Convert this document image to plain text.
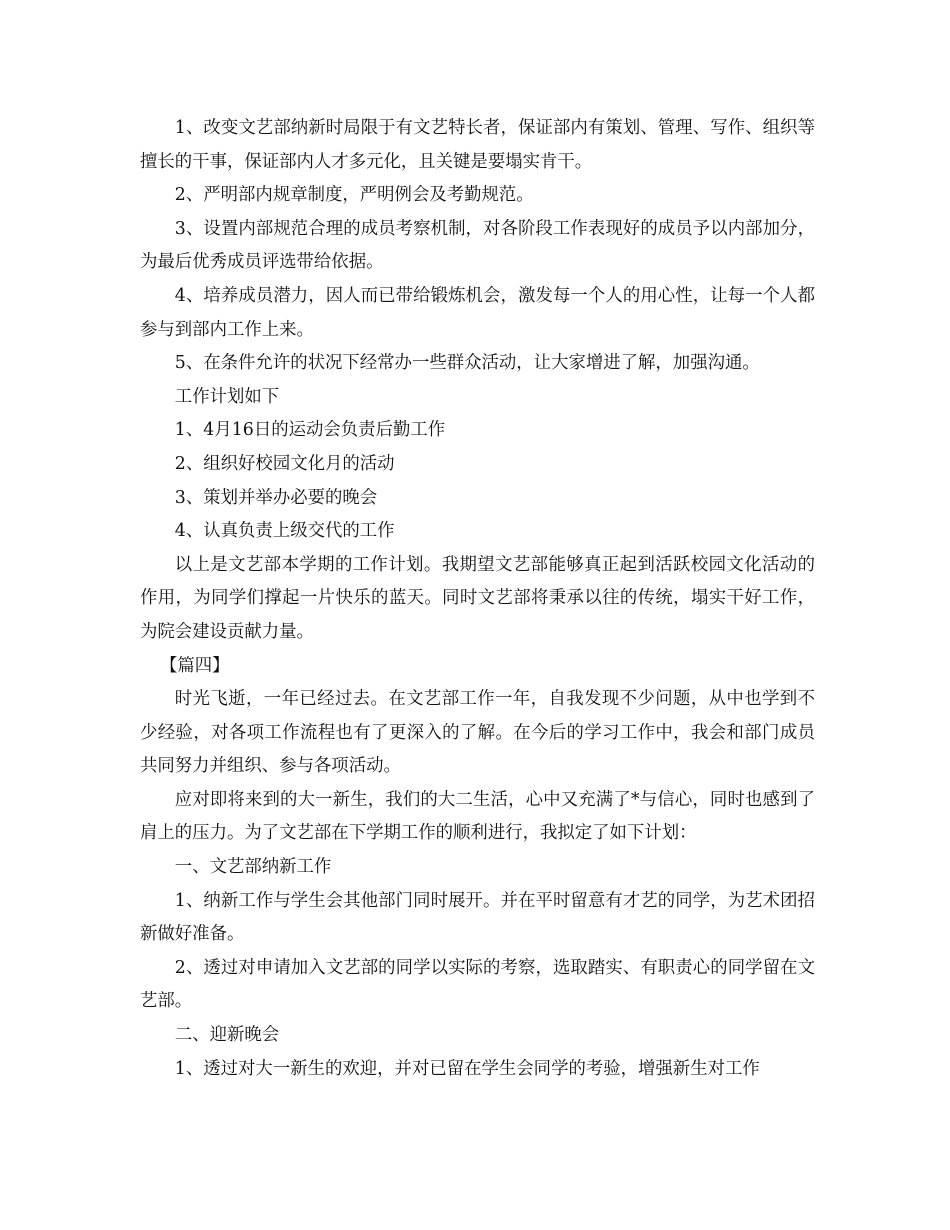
1、改变文艺部纳新时局限于有文艺特长者，保证部内有策划、管理、写作、组织等擅长的干事，保证部内人才多元化，且关键是要塌实肯干。

2、严明部内规章制度，严明例会及考勤规范。

3、设置内部规范合理的成员考察机制，对各阶段工作表现好的成员予以内部加分，为最后优秀成员评选带给依据。

4、培养成员潜力，因人而已带给锻炼机会，激发每一个人的用心性，让每一个人都参与到部内工作上来。

5、在条件允许的状况下经常办一些群众活动，让大家增进了解，加强沟通。

工作计划如下

1、4月16日的运动会负责后勤工作

2、组织好校园文化月的活动

3、策划并举办必要的晚会

4、认真负责上级交代的工作

以上是文艺部本学期的工作计划。我期望文艺部能够真正起到活跃校园文化活动的作用，为同学们撑起一片快乐的蓝天。同时文艺部将秉承以往的传统，塌实干好工作，为院会建设贡献力量。

【篇四】

时光飞逝，一年已经过去。在文艺部工作一年，自我发现不少问题，从中也学到不少经验，对各项工作流程也有了更深入的了解。在今后的学习工作中，我会和部门成员共同努力并组织、参与各项活动。

应对即将来到的大一新生，我们的大二生活，心中又充满了*与信心，同时也感到了肩上的压力。为了文艺部在下学期工作的顺利进行，我拟定了如下计划：

一、文艺部纳新工作

1、纳新工作与学生会其他部门同时展开。并在平时留意有才艺的同学，为艺术团招新做好准备。

2、透过对申请加入文艺部的同学以实际的考察，选取踏实、有职责心的同学留在文艺部。

二、迎新晚会

1、透过对大一新生的欢迎，并对已留在学生会同学的考验，增强新生对工作
